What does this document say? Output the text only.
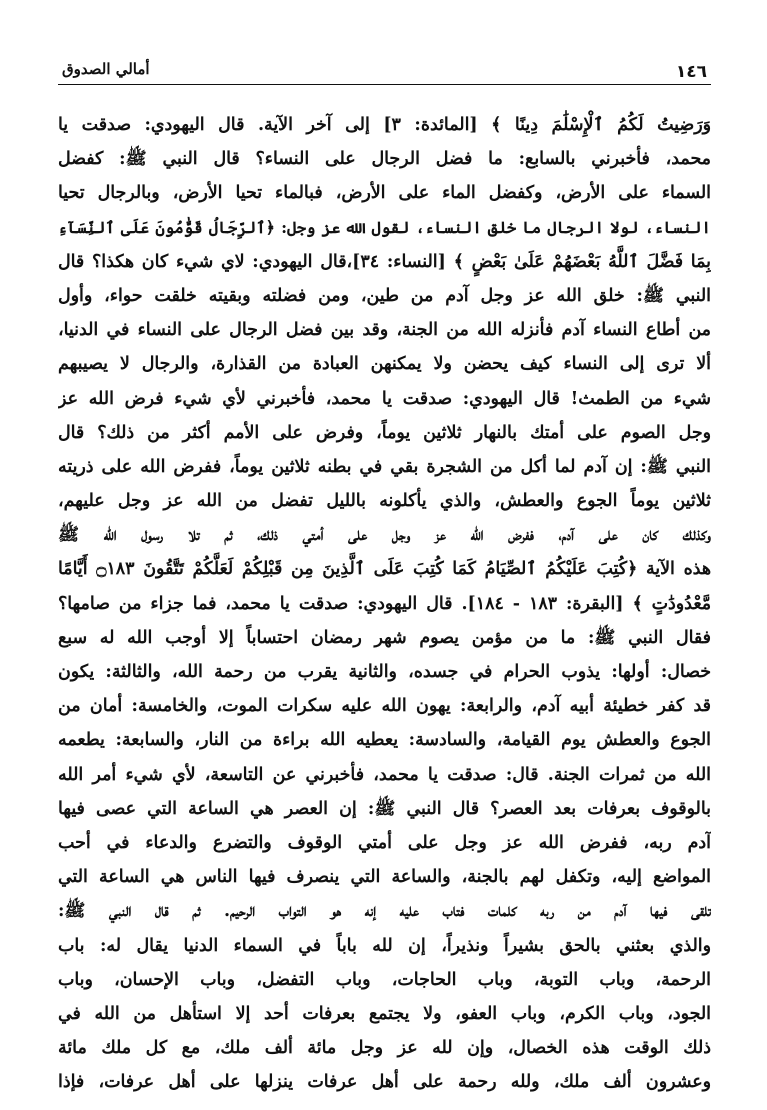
أمالي الصدوق	١٤٦
وَرَضِيتُ لَكُمُ ٱلْإِسْلَٰمَ دِينًا ﴾ [المائدة: ٣] إلى آخر الآية. قال اليهودي: صدقت يا
محمد، فأخبرني بالسابع: ما فضل الرجال على النساء؟ قال النبي ﷺ: كفضل
السماء على الأرض، وكفضل الماء على الأرض، فبالماء تحيا الأرض، وبالرجال تحيا
النساء، لولا الرجال ما خلق النساء، لقول الله عز وجل: ﴿ٱلرِّجَالُ قَوَّٰمُونَ عَلَى ٱلنِّسَآءِ
بِمَا فَضَّلَ ٱللَّهُ بَعْضَهُمْ عَلَىٰ بَعْضٍ ﴾ [النساء: ٣٤]،قال اليهودي: لاي شيء كان هكذا؟ قال
النبي ﷺ: خلق الله عز وجل آدم من طين، ومن فضلته وبقيته خلقت حواء، وأول
من أطاع النساء آدم فأنزله الله من الجنة، وقد بين فضل الرجال على النساء في الدنيا،
ألا ترى إلى النساء كيف يحضن ولا يمكنهن العبادة من القذارة، والرجال لا يصيبهم
شيء من الطمث! قال اليهودي: صدقت يا محمد، فأخبرني لأي شيء فرض الله عز
وجل الصوم على أمتك بالنهار ثلاثين يوماً، وفرض على الأمم أكثر من ذلك؟ قال
النبي ﷺ: إن آدم لما أكل من الشجرة بقي في بطنه ثلاثين يوماً، ففرض الله على ذريته
ثلاثين يوماً الجوع والعطش، والذي يأكلونه بالليل تفضل من الله عز وجل عليهم،
وكذلك كان على آدم، ففرض الله عز وجل على أمتي ذلك، ثم تلا رسول الله ﷺ
هذه الآية ﴿كُتِبَ عَلَيْكُمُ ٱلصِّيَامُ كَمَا كُتِبَ عَلَى ٱلَّذِينَ مِن قَبْلِكُمْ لَعَلَّكُمْ تَتَّقُونَ ۝١٨٣ أَيَّامًا
مَّعْدُودَٰتٍ ﴾ [البقرة: ١٨٣ - ١٨٤]. قال اليهودي: صدقت يا محمد، فما جزاء من صامها؟
فقال النبي ﷺ: ما من مؤمن يصوم شهر رمضان احتساباً إلا أوجب الله له سبع
خصال: أولها: يذوب الحرام في جسده، والثانية يقرب من رحمة الله، والثالثة: يكون
قد كفر خطيئة أبيه آدم، والرابعة: يهون الله عليه سكرات الموت، والخامسة: أمان من
الجوع والعطش يوم القيامة، والسادسة: يعطيه الله براءة من النار، والسابعة: يطعمه
الله من ثمرات الجنة. قال: صدقت يا محمد، فأخبرني عن التاسعة، لأي شيء أمر الله
بالوقوف بعرفات بعد العصر؟ قال النبي ﷺ: إن العصر هي الساعة التي عصى فيها
آدم ربه، ففرض الله عز وجل على أمتي الوقوف والتضرع والدعاء في أحب
المواضع إليه، وتكفل لهم بالجنة، والساعة التي ينصرف فيها الناس هي الساعة التي
تلقى فيها آدم من ربه كلمات فتاب عليه إنه هو التواب الرحيم. ثم قال النبي ﷺ:
والذي بعثني بالحق بشيراً ونذيراً، إن لله باباً في السماء الدنيا يقال له: باب
الرحمة، وباب التوبة، وباب الحاجات، وباب التفضل، وباب الإحسان، وباب
الجود، وباب الكرم، وباب العفو، ولا يجتمع بعرفات أحد إلا استأهل من الله في
ذلك الوقت هذه الخصال، وإن لله عز وجل مائة ألف ملك، مع كل ملك مائة
وعشرون ألف ملك، ولله رحمة على أهل عرفات ينزلها على أهل عرفات، فإذا
